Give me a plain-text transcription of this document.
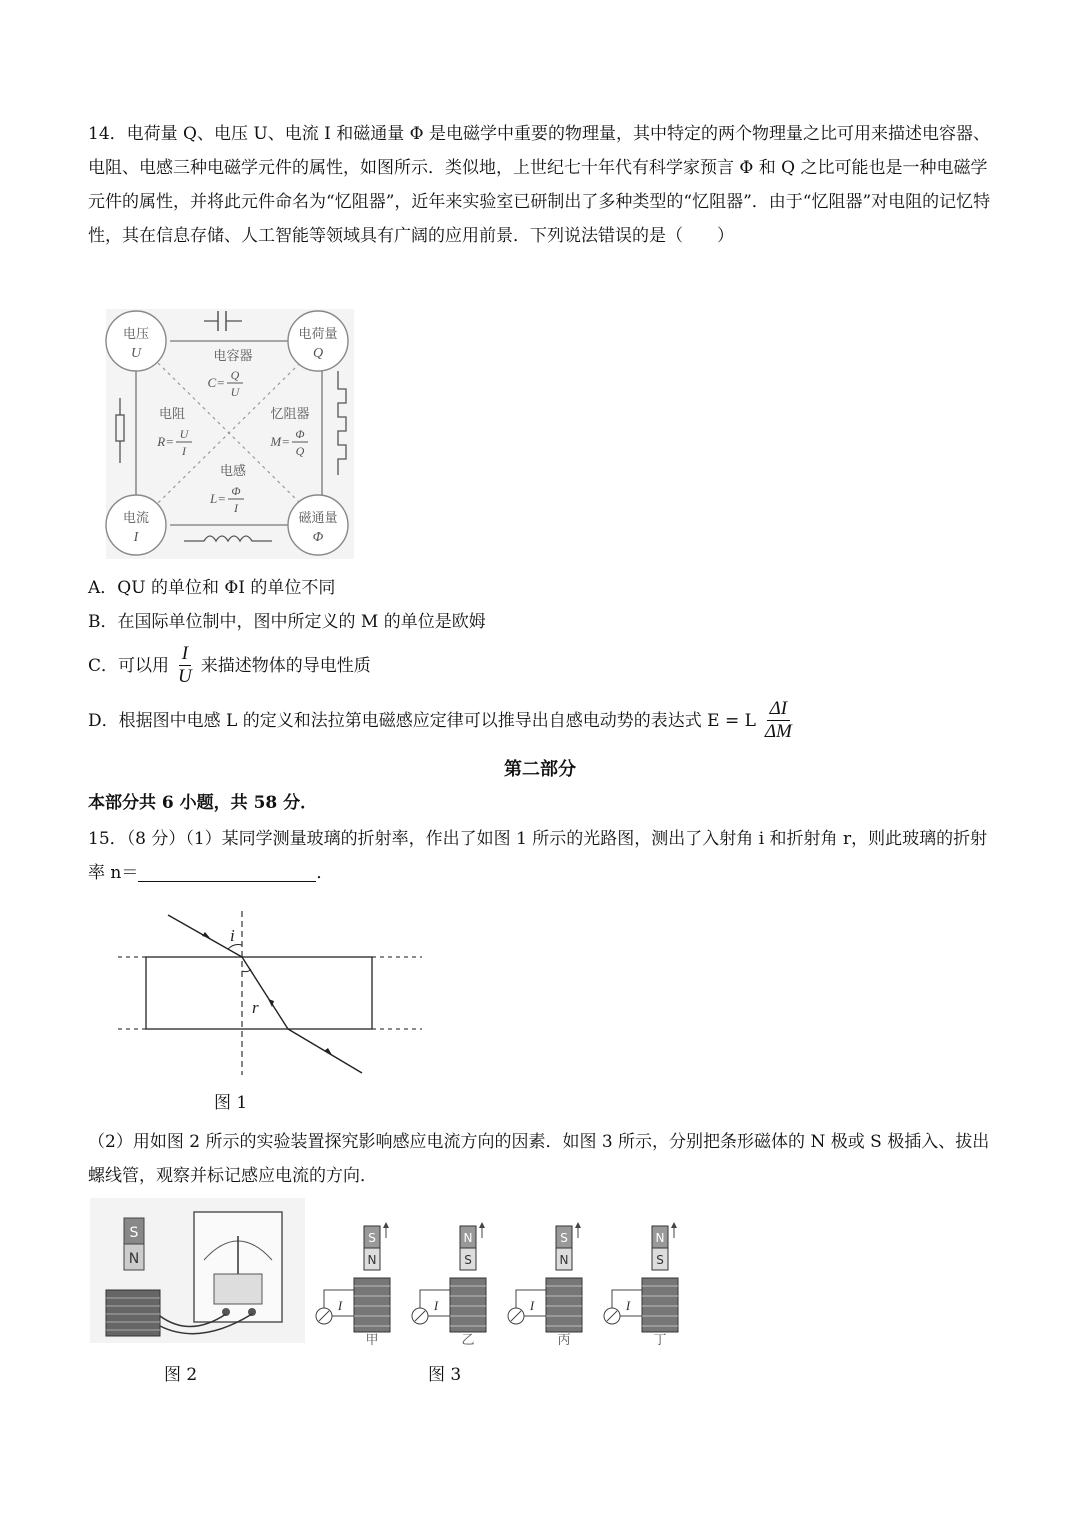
14．电荷量 Q、电压 U、电流 I 和磁通量 Φ 是电磁学中重要的物理量，其中特定的两个物理量之比可用来描述电容器、电阻、电感三种电磁学元件的属性，如图所示．类似地，上世纪七十年代有科学家预言 Φ 和 Q 之比可能也是一种电磁学元件的属性，并将此元件命名为“忆阻器”，近年来实验室已研制出了多种类型的“忆阻器”．由于“忆阻器”对电阻的记忆特性，其在信息存储、人工智能等领域具有广阔的应用前景．下列说法错误的是（　　）
电压
U
电荷量
Q
电流
I
磁通量
Φ
电容器
C= Q
U
电阻
R= U
I
忆阻器
M= Φ
Q
电感
L= Φ
I
A．QU 的单位和 ΦI 的单位不同
B．在国际单位制中，图中所定义的 M 的单位是欧姆
C．可以用 $\frac{I}{U}$ 来描述物体的导电性质
D．根据图中电感 L 的定义和法拉第电磁感应定律可以推导出自感电动势的表达式 E = L $\frac{\Delta I}{\Delta M}$
第二部分
本部分共 6 小题，共 58 分．
15．（8 分）（1）某同学测量玻璃的折射率，作出了如图 1 所示的光路图，测出了入射角 i 和折射角 r，则此玻璃的折射率 n＝	．
i
r
图 1
（2）用如图 2 所示的实验装置探究影响感应电流方向的因素．如图 3 所示，分别把条形磁体的 N 极或 S 极插入、拔出螺线管，观察并标记感应电流的方向．
S
N
图 2
I
S
N
甲
I
N
S
乙
I
S
N
丙
I
N
S
丁
图 3
